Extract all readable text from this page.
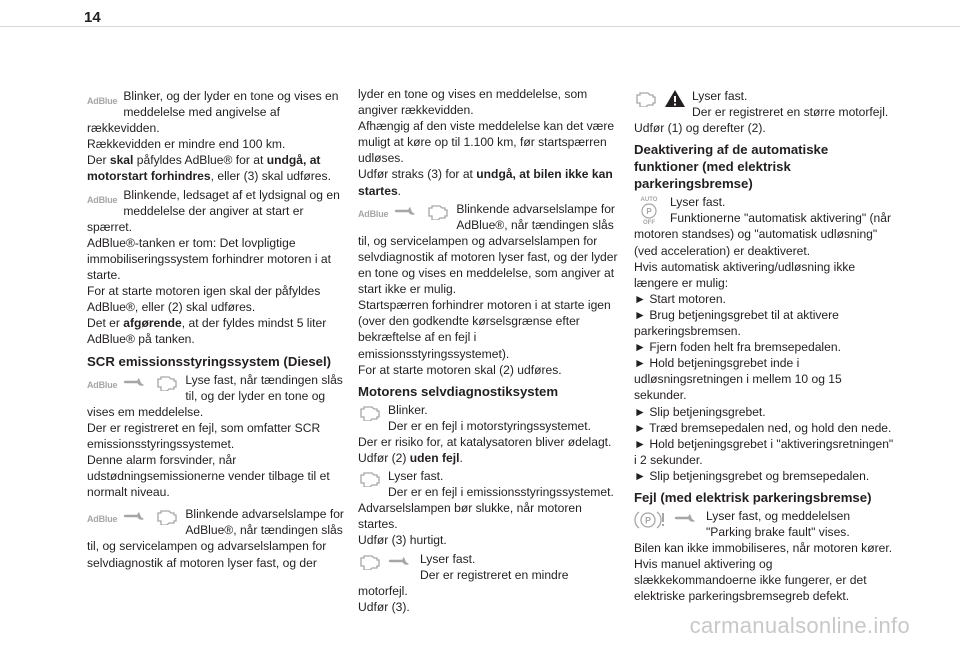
14
AdBlue Blinker, og der lyder en tone og vises en meddelelse med angivelse af rækkevidden.

Rækkevidden er mindre end 100 km.

Der skal påfyldes AdBlue® for at undgå, at motorstart forhindres, eller (3) skal udføres.

AdBlue Blinkende, ledsaget af et lydsignal og en meddelelse der angiver at start er spærret.

AdBlue®-tanken er tom: Det lovpligtige immobiliseringssystem forhindrer motoren i at starte.

For at starte motoren igen skal der påfyldes AdBlue®, eller (2) skal udføres.

Det er afgørende, at der fyldes mindst 5 liter AdBlue® på tanken.

SCR emissionsstyringssystem (Diesel)

AdBlue	Lyse fast, når tændingen slås til, og der lyder en tone og vises em meddelelse.

Der er registreret en fejl, som omfatter SCR emissionsstyringssystemet.

Denne alarm forsvinder, når udstødningsemissionerne vender tilbage til et normalt niveau.

AdBlue	Blinkende advarselslampe for AdBlue®, når tændingen slås til, og servicelampen og advarselslampen for selvdiagnostik af motoren lyser fast, og der

lyder en tone og vises en meddelelse, som angiver rækkevidden.

Afhængig af den viste meddelelse kan det være muligt at køre op til 1.100 km, før startspærren udløses.

Udfør straks (3) for at undgå, at bilen ikke kan startes.

AdBlue	Blinkende advarselslampe for AdBlue®, når tændingen slås til, og servicelampen og advarselslampen for selvdiagnostik af motoren lyser fast, og der lyder en tone og vises en meddelelse, som angiver at start ikke er mulig.

Startspærren forhindrer motoren i at starte igen (over den godkendte kørselsgrænse efter bekræftelse af en fejl i emissionsstyringssystemet).

For at starte motoren skal (2) udføres.

Motorens selvdiagnostiksystem

Blinker.

Der er en fejl i motorstyringssystemet.

Der er risiko for, at katalysatoren bliver ødelagt.

Udfør (2) uden fejl.

Lyser fast.

Der er en fejl i emissionsstyringssystemet.

Advarselslampen bør slukke, når motoren startes.

Udfør (3) hurtigt.

Lyser fast.

Der er registreret en mindre motorfejl.

Udfør (3).

Lyser fast.

Der er registreret en større motorfejl.

Udfør (1) og derefter (2).

Deaktivering af de automatiske funktioner (med elektrisk parkeringsbremse)

AUTO
P
OFF

Lyser fast.

Funktionerne "automatisk aktivering" (når motoren standses) og "automatisk udløsning" (ved acceleration) er deaktiveret.

Hvis automatisk aktivering/udløsning ikke længere er mulig:

► Start motoren.

► Brug betjeningsgrebet til at aktivere parkeringsbremsen.

► Fjern foden helt fra bremsepedalen.

► Hold betjeningsgrebet inde i udløsningsretningen i mellem 10 og 15 sekunder.

► Slip betjeningsgrebet.

► Træd bremsepedalen ned, og hold den nede.

► Hold betjeningsgrebet i "aktiveringsretningen" i 2 sekunder.

► Slip betjeningsgrebet og bremsepedalen.

Fejl (med elektrisk parkeringsbremse)

P	Lyser fast, og meddelelsen "Parking brake fault" vises.

Bilen kan ikke immobiliseres, når motoren kører.

Hvis manuel aktivering og slækkekommandoerne ikke fungerer, er det elektriske parkeringsbremsegreb defekt.

carmanualsonline.info
